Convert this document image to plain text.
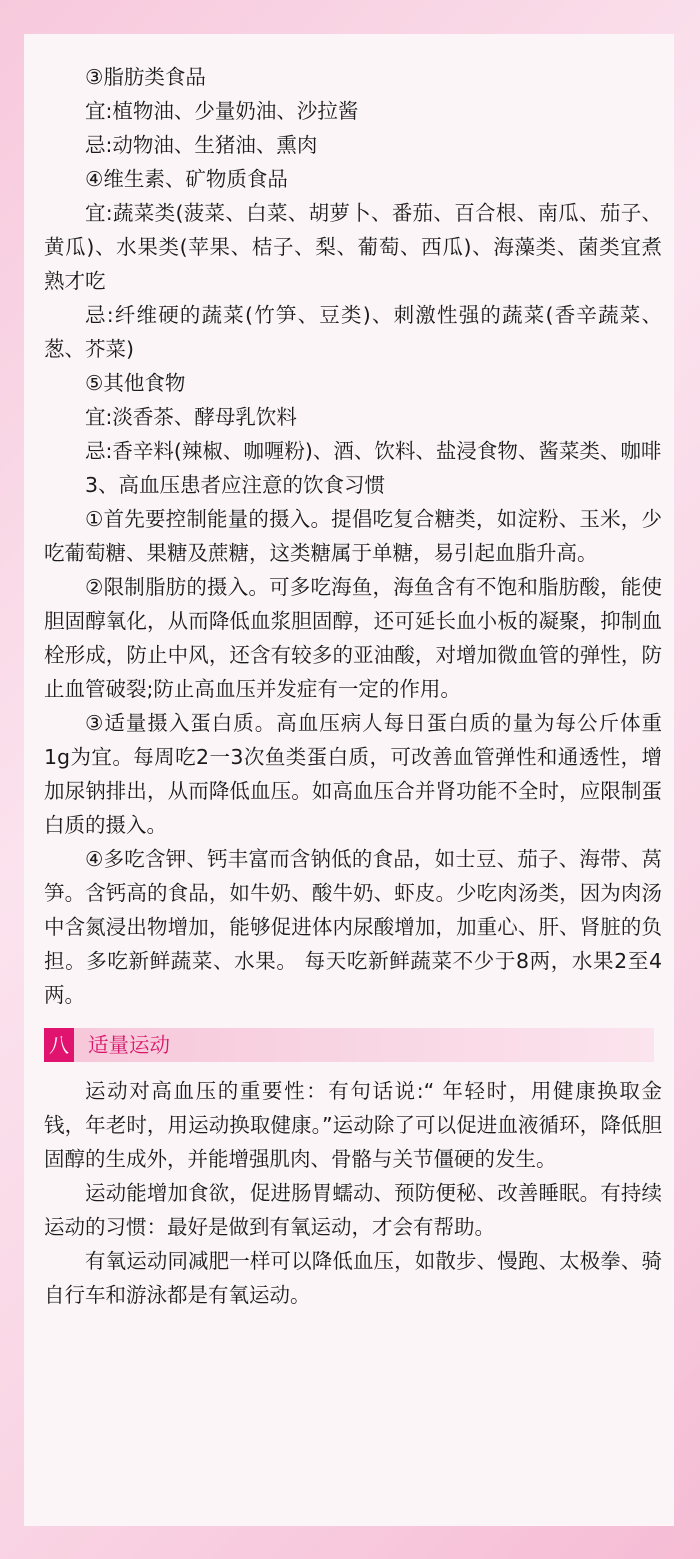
③脂肪类食品

宜:植物油、少量奶油、沙拉酱

忌:动物油、生猪油、熏肉

④维生素、矿物质食品

宜:蔬菜类(菠菜、白菜、胡萝卜、番茄、百合根、南瓜、茄子、黄瓜)、水果类(苹果、桔子、梨、葡萄、西瓜)、海藻类、菌类宜煮熟才吃

忌:纤维硬的蔬菜(竹笋、豆类)、刺激性强的蔬菜(香辛蔬菜、葱、芥菜)

⑤其他食物

宜:淡香茶、酵母乳饮料

忌:香辛料(辣椒、咖喱粉)、酒、饮料、盐浸食物、酱菜类、咖啡

3、高血压患者应注意的饮食习惯

①首先要控制能量的摄入。提倡吃复合糖类，如淀粉、玉米，少吃葡萄糖、果糖及蔗糖，这类糖属于单糖，易引起血脂升高。

②限制脂肪的摄入。可多吃海鱼，海鱼含有不饱和脂肪酸，能使胆固醇氧化，从而降低血浆胆固醇，还可延长血小板的凝聚，抑制血栓形成，防止中风，还含有较多的亚油酸，对增加微血管的弹性，防止血管破裂;防止高血压并发症有一定的作用。

③适量摄入蛋白质。高血压病人每日蛋白质的量为每公斤体重1g为宜。每周吃2一3次鱼类蛋白质，可改善血管弹性和通透性，增加尿钠排出，从而降低血压。如高血压合并肾功能不全时，应限制蛋白质的摄入。

④多吃含钾、钙丰富而含钠低的食品，如士豆、茄子、海带、莴笋。含钙高的食品，如牛奶、酸牛奶、虾皮。少吃肉汤类，因为肉汤中含氮浸出物增加，能够促进体内尿酸增加，加重心、肝、肾脏的负担。多吃新鲜蔬菜、水果。 每天吃新鲜蔬菜不少于8两，水果2至4两。

八 适量运动

运动对高血压的重要性：有句话说:“ 年轻时，用健康换取金钱，年老时，用运动换取健康。”运动除了可以促进血液循环，降低胆固醇的生成外，并能增强肌肉、骨骼与关节僵硬的发生。

运动能增加食欲，促进肠胃蠕动、预防便秘、改善睡眠。有持续运动的习惯：最好是做到有氧运动，才会有帮助。

有氧运动同减肥一样可以降低血压，如散步、慢跑、太极拳、骑自行车和游泳都是有氧运动。
